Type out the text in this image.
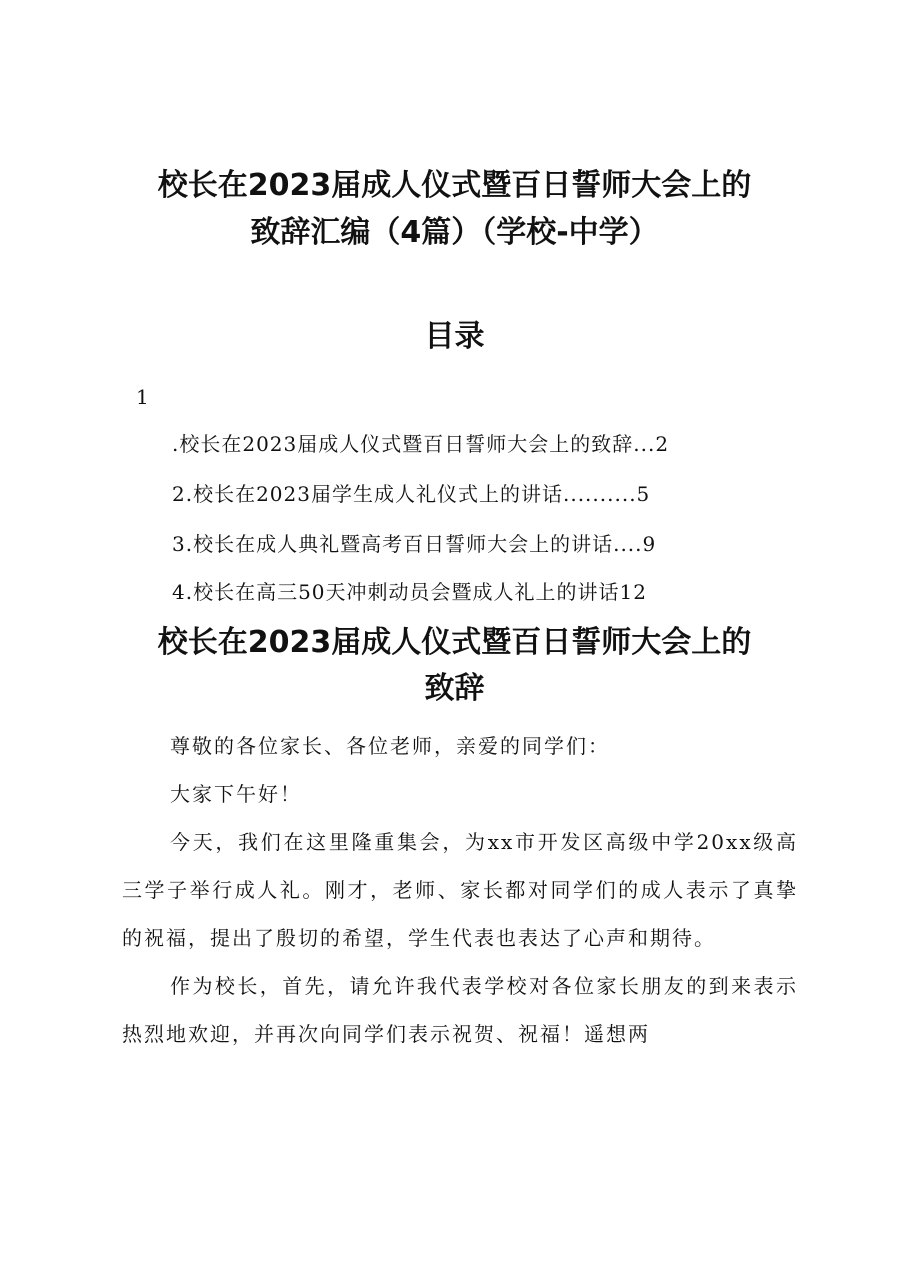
校长在2023届成人仪式暨百日誓师大会上的
致辞汇编（4篇）（学校-中学）
目录
1
.校长在2023届成人仪式暨百日誓师大会上的致辞...2
2.校长在2023届学生成人礼仪式上的讲话..........5
3.校长在成人典礼暨高考百日誓师大会上的讲话....9
4.校长在高三50天冲刺动员会暨成人礼上的讲话12
校长在2023届成人仪式暨百日誓师大会上的
致辞

尊敬的各位家长、各位老师，亲爱的同学们：

大家下午好！

今天，我们在这里隆重集会，为xx市开发区高级中学20xx级高三学子举行成人礼。刚才，老师、家长都对同学们的成人表示了真挚的祝福，提出了殷切的希望，学生代表也表达了心声和期待。

作为校长，首先，请允许我代表学校对各位家长朋友的到来表示热烈地欢迎，并再次向同学们表示祝贺、祝福！遥想两
